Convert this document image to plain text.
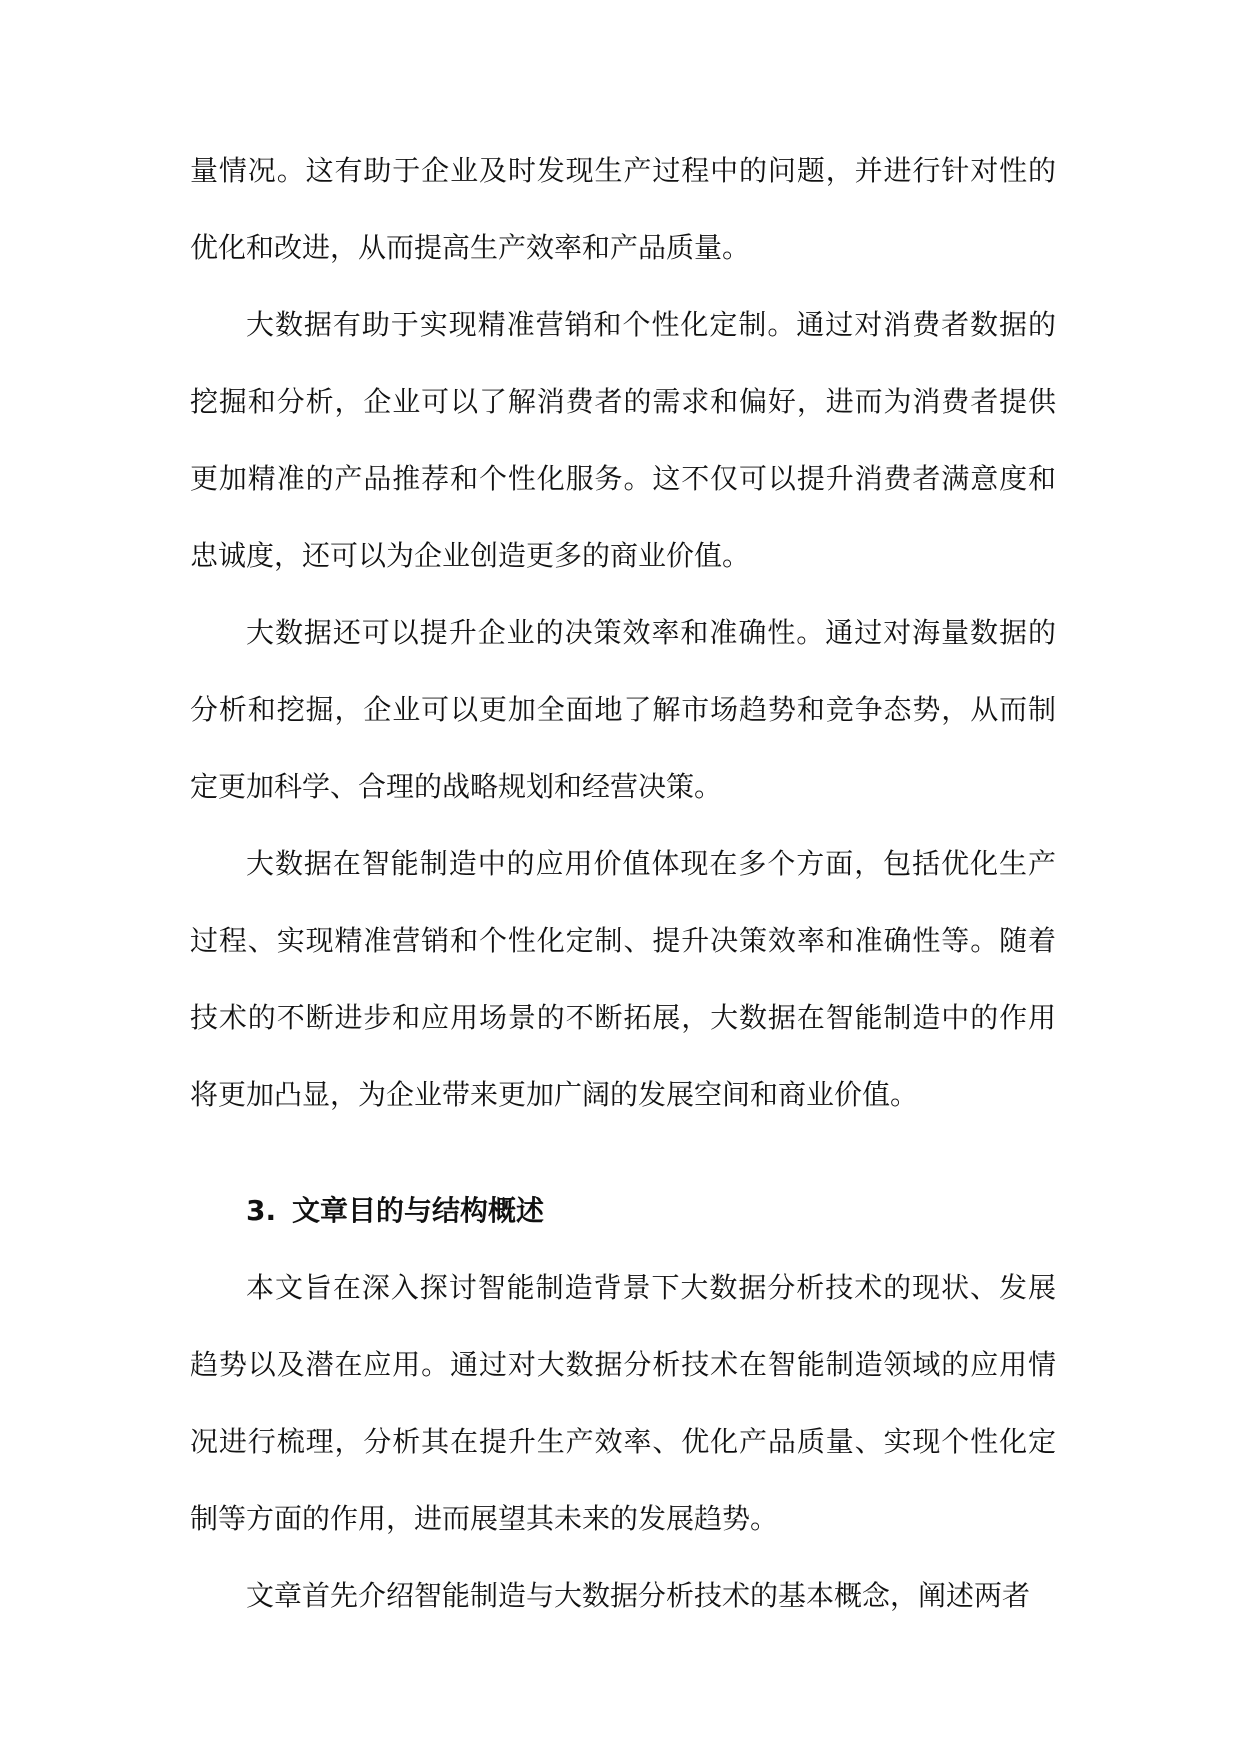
量情况。这有助于企业及时发现生产过程中的问题，并进行针对性的优化和改进，从而提高生产效率和产品质量。

大数据有助于实现精准营销和个性化定制。通过对消费者数据的挖掘和分析，企业可以了解消费者的需求和偏好，进而为消费者提供更加精准的产品推荐和个性化服务。这不仅可以提升消费者满意度和忠诚度，还可以为企业创造更多的商业价值。

大数据还可以提升企业的决策效率和准确性。通过对海量数据的分析和挖掘，企业可以更加全面地了解市场趋势和竞争态势，从而制定更加科学、合理的战略规划和经营决策。

大数据在智能制造中的应用价值体现在多个方面，包括优化生产过程、实现精准营销和个性化定制、提升决策效率和准确性等。随着技术的不断进步和应用场景的不断拓展，大数据在智能制造中的作用将更加凸显，为企业带来更加广阔的发展空间和商业价值。

3. 文章目的与结构概述

本文旨在深入探讨智能制造背景下大数据分析技术的现状、发展趋势以及潜在应用。通过对大数据分析技术在智能制造领域的应用情况进行梳理，分析其在提升生产效率、优化产品质量、实现个性化定制等方面的作用，进而展望其未来的发展趋势。

文章首先介绍智能制造与大数据分析技术的基本概念，阐述两者
